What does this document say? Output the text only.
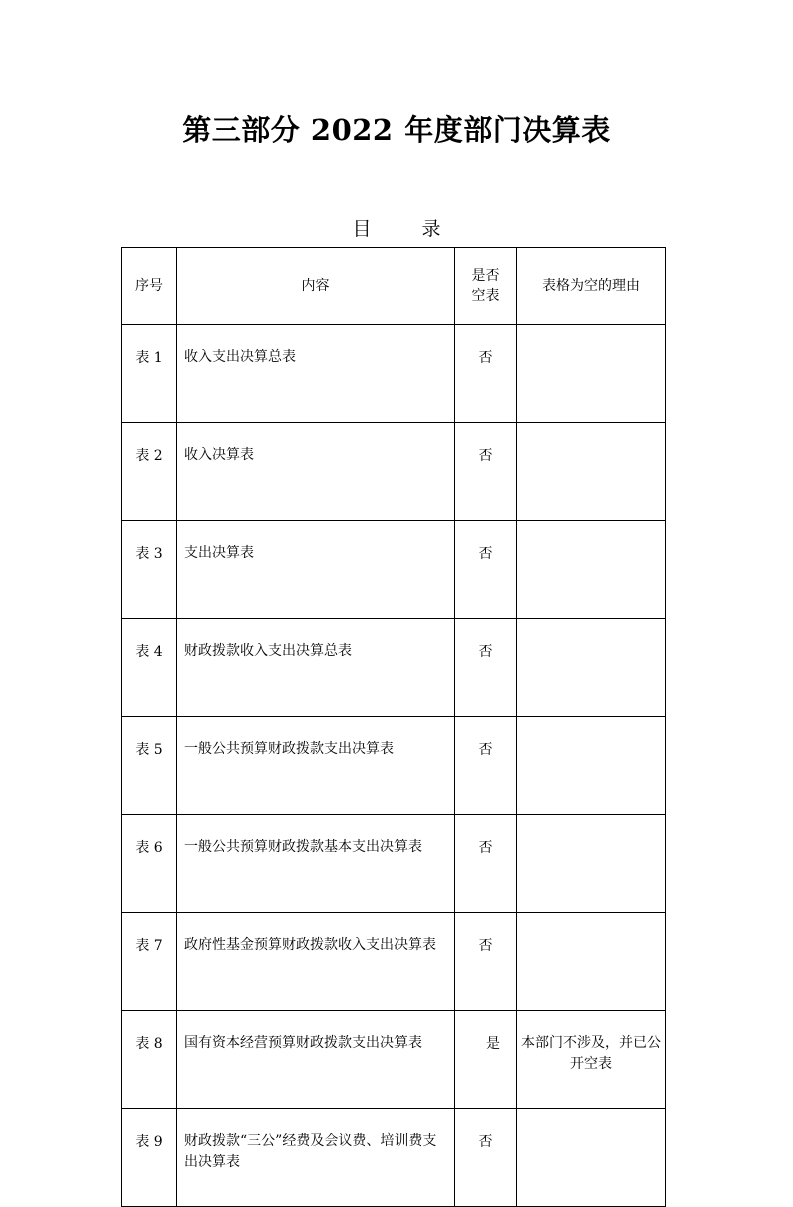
第三部分 2022 年度部门决算表
目 录
序号	内容	是否空表	表格为空的理由
表 1	收入支出决算总表	否	
表 2	收入决算表	否	
表 3	支出决算表	否	
表 4	财政拨款收入支出决算总表	否	
表 5	一般公共预算财政拨款支出决算表	否	
表 6	一般公共预算财政拨款基本支出决算表	否	
表 7	政府性基金预算财政拨款收入支出决算表	否	
表 8	国有资本经营预算财政拨款支出决算表	是	本部门不涉及，并已公开空表
表 9	财政拨款“三公”经费及会议费、培训费支出决算表	否	
